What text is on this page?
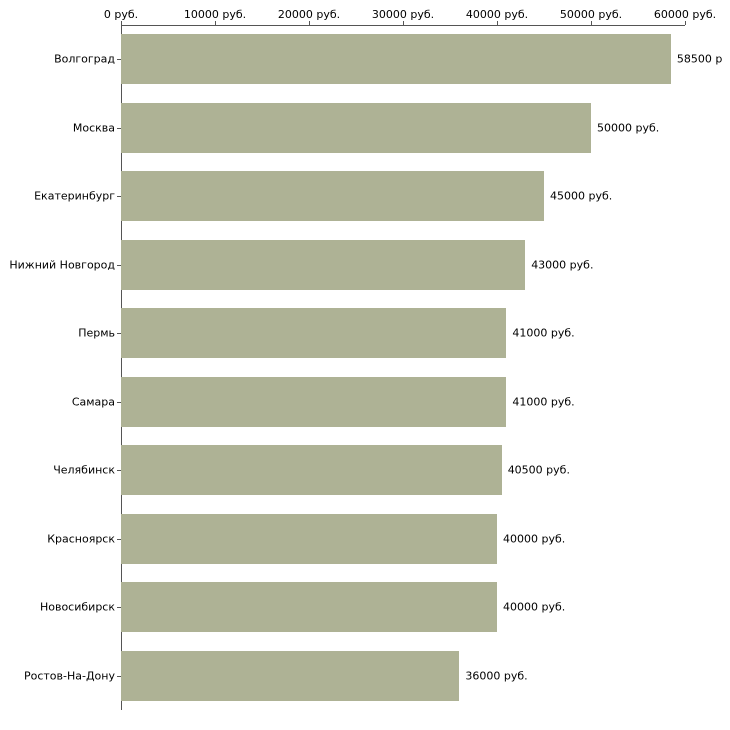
0 руб.	10000 руб.	20000 руб.	30000 руб.	40000 руб.	50000 руб.	60000 руб.
Волгоград	58500 р
Москва	50000 руб.
Екатеринбург	45000 руб.
Нижний Новгород	43000 руб.
Пермь	41000 руб.
Самара	41000 руб.
Челябинск	40500 руб.
Красноярск	40000 руб.
Новосибирск	40000 руб.
Ростов-На-Дону	36000 руб.
